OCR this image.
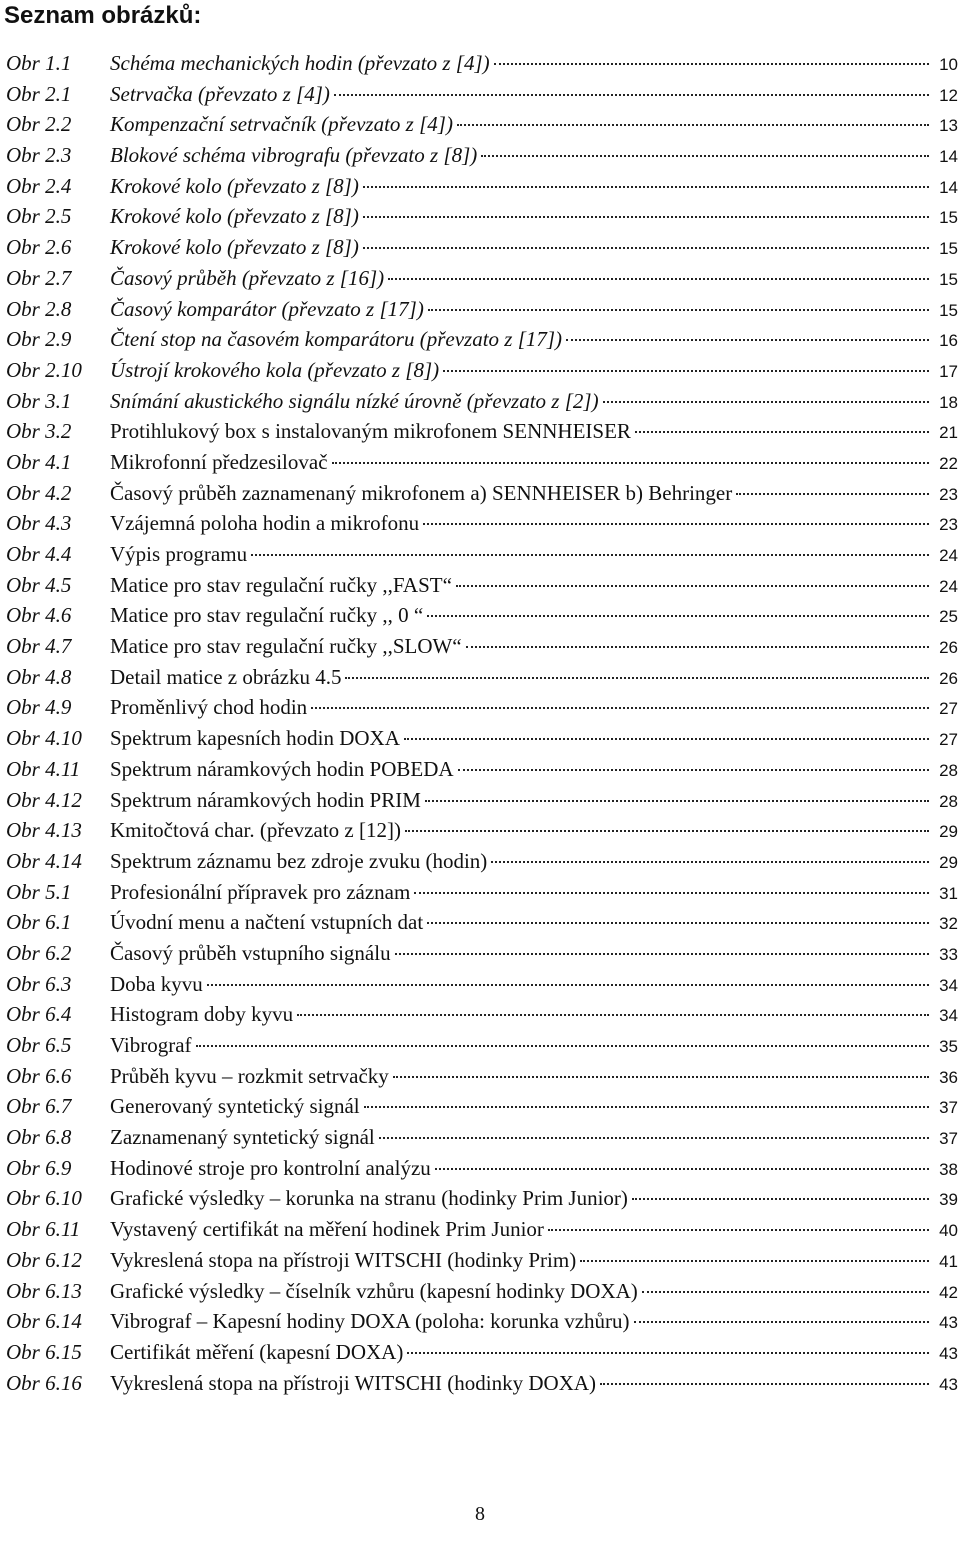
Seznam obrázků:
Obr 1.1	Schéma mechanických hodin (převzato z [4])	10
Obr 2.1	Setrvačka (převzato z [4])	12
Obr 2.2	Kompenzační setrvačník (převzato z [4])	13
Obr 2.3	Blokové schéma vibrografu (převzato z [8])	14
Obr 2.4	Krokové kolo (převzato z [8])	14
Obr 2.5	Krokové kolo (převzato z [8])	15
Obr 2.6	Krokové kolo (převzato z [8])	15
Obr 2.7	Časový průběh (převzato z [16])	15
Obr 2.8	Časový komparátor (převzato z [17])	15
Obr 2.9	Čtení stop na časovém komparátoru (převzato z [17])	16
Obr 2.10	Ústrojí krokového kola (převzato z [8])	17
Obr 3.1	Snímání akustického signálu nízké úrovně (převzato z [2])	18
Obr 3.2	Protihlukový box s instalovaným mikrofonem SENNHEISER	21
Obr 4.1	Mikrofonní předzesilovač	22
Obr 4.2	Časový průběh zaznamenaný mikrofonem a) SENNHEISER b) Behringer	23
Obr 4.3	Vzájemná poloha hodin a mikrofonu	23
Obr 4.4	Výpis programu	24
Obr 4.5	Matice pro stav regulační ručky ,,FAST“	24
Obr 4.6	Matice pro stav regulační ručky ,, 0 “	25
Obr 4.7	Matice pro stav regulační ručky ,,SLOW“	26
Obr 4.8	Detail matice z obrázku 4.5	26
Obr 4.9	Proměnlivý chod hodin	27
Obr 4.10	Spektrum kapesních hodin DOXA	27
Obr 4.11	Spektrum náramkových hodin POBEDA	28
Obr 4.12	Spektrum náramkových hodin PRIM	28
Obr 4.13	Kmitočtová char. (převzato z [12])	29
Obr 4.14	Spektrum záznamu bez zdroje zvuku (hodin)	29
Obr 5.1	Profesionální přípravek pro záznam	31
Obr 6.1	Úvodní menu a načtení vstupních dat	32
Obr 6.2	Časový průběh vstupního signálu	33
Obr 6.3	Doba kyvu	34
Obr 6.4	Histogram doby kyvu	34
Obr 6.5	Vibrograf	35
Obr 6.6	Průběh kyvu – rozkmit setrvačky	36
Obr 6.7	Generovaný syntetický signál	37
Obr 6.8	Zaznamenaný syntetický signál	37
Obr 6.9	Hodinové stroje pro kontrolní analýzu	38
Obr 6.10	Grafické výsledky – korunka na stranu (hodinky Prim Junior)	39
Obr 6.11	Vystavený certifikát na měření hodinek Prim Junior	40
Obr 6.12	Vykreslená stopa na přístroji WITSCHI (hodinky Prim)	41
Obr 6.13	Grafické výsledky – číselník vzhůru (kapesní hodinky DOXA)	42
Obr 6.14	Vibrograf – Kapesní hodiny DOXA (poloha: korunka vzhůru)	43
Obr 6.15	Certifikát měření (kapesní DOXA)	43
Obr 6.16	Vykreslená stopa na přístroji WITSCHI (hodinky DOXA)	43
8
